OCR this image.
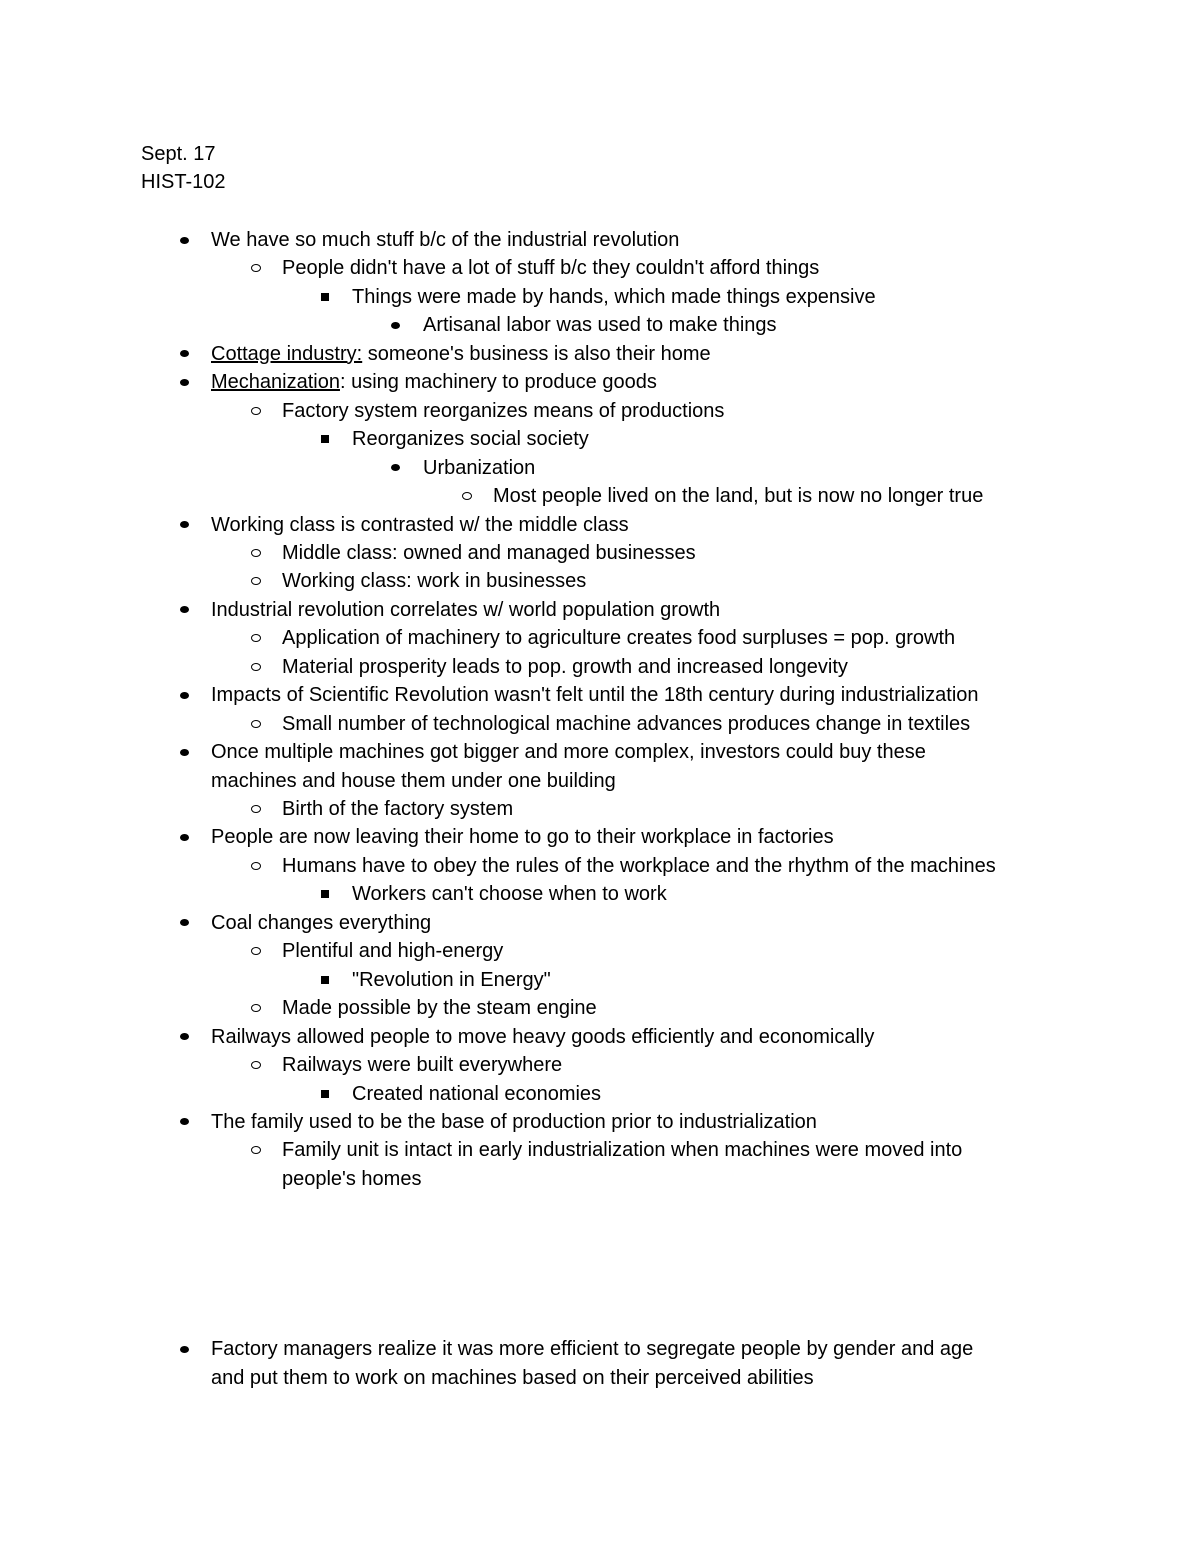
Sept. 17
HIST-102
We have so much stuff b/c of the industrial revolution
People didn't have a lot of stuff b/c they couldn't afford things
Things were made by hands, which made things expensive
Artisanal labor was used to make things
Cottage industry: someone's business is also their home
Mechanization: using machinery to produce goods
Factory system reorganizes means of productions
Reorganizes social society
Urbanization
Most people lived on the land, but is now no longer true
Working class is contrasted w/ the middle class
Middle class: owned and managed businesses
Working class: work in businesses
Industrial revolution correlates w/ world population growth
Application of machinery to agriculture creates food surpluses = pop. growth
Material prosperity leads to pop. growth and increased longevity
Impacts of Scientific Revolution wasn't felt until the 18th century during industrialization
Small number of technological machine advances produces change in textiles
Once multiple machines got bigger and more complex, investors could buy these
machines and house them under one building
Birth of the factory system
People are now leaving their home to go to their workplace in factories
Humans have to obey the rules of the workplace and the rhythm of the machines
Workers can't choose when to work
Coal changes everything
Plentiful and high-energy
"Revolution in Energy"
Made possible by the steam engine
Railways allowed people to move heavy goods efficiently and economically
Railways were built everywhere
Created national economies
The family used to be the base of production prior to industrialization
Family unit is intact in early industrialization when machines were moved into
people's homes
Factory managers realize it was more efficient to segregate people by gender and age
and put them to work on machines based on their perceived abilities
